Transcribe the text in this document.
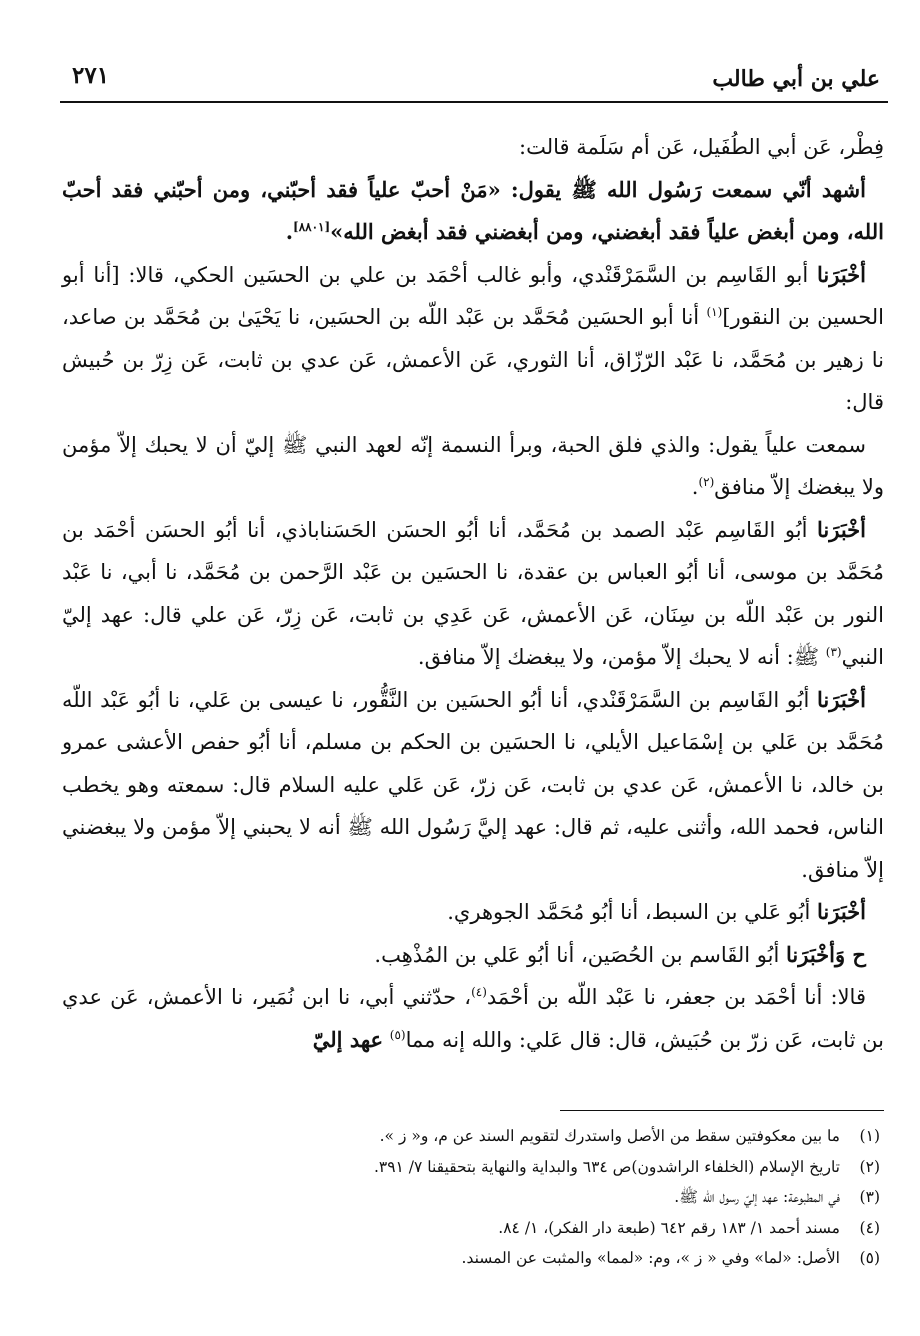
علي بن أبي طالب
٢٧١

فِطْر، عَن أبي الطُفَيل، عَن أم سَلَمة قالت:

أشهد أنّي سمعت رَسُول الله ﷺ يقول: «مَنْ أحبّ علياً فقد أحبّني، ومن أحبّني فقد أحبّ الله، ومن أبغض علياً فقد أبغضني، ومن أبغضني فقد أبغض الله»[٨٨٠١].

أخْبَرَنا أبو القَاسِم بن السَّمَرْقَنْدي، وأبو غالب أحْمَد بن علي بن الحسَين الحكي، قالا: [أنا أبو الحسين بن النقور]$^{(١)}$ أنا أبو الحسَين مُحَمَّد بن عَبْد اللّه بن الحسَين، نا يَحْيَىٰ بن مُحَمَّد بن صاعد، نا زهير بن مُحَمَّد، نا عَبْد الرّزّاق، أنا الثوري، عَن الأعمش، عَن عدي بن ثابت، عَن زِرّ بن حُبيش قال:

سمعت علياً يقول: والذي فلق الحبة، وبرأ النسمة إنّه لعهد النبي ﷺ إليّ أن لا يحبك إلاّ مؤمن ولا يبغضك إلاّ منافق$^{(٢)}$.

أخْبَرَنا أبُو القَاسِم عَبْد الصمد بن مُحَمَّد، أنا أبُو الحسَن الحَسَناباذي، أنا أبُو الحسَن أحْمَد بن مُحَمَّد بن موسى، أنا أبُو العباس بن عقدة، نا الحسَين بن عَبْد الرَّحمن بن مُحَمَّد، نا أبي، نا عَبْد النور بن عَبْد اللّه بن سِنَان، عَن الأعمش، عَن عَدِي بن ثابت، عَن زِرّ، عَن علي قال: عهد إليّ النبي$^{(٣)}$ ﷺ: أنه لا يحبك إلاّ مؤمن، ولا يبغضك إلاّ منافق.

أخْبَرَنا أبُو القَاسِم بن السَّمَرْقَنْدي، أنا أبُو الحسَين بن النَّقُّور، نا عيسى بن عَلي، نا أبُو عَبْد اللّه مُحَمَّد بن عَلي بن إسْمَاعيل الأيلي، نا الحسَين بن الحكم بن مسلم، أنا أبُو حفص الأعشى عمرو بن خالد، نا الأعمش، عَن عدي بن ثابت، عَن زرّ، عَن عَلي عليه السلام قال: سمعته وهو يخطب الناس، فحمد الله، وأثنى عليه، ثم قال: عهد إليَّ رَسُول الله ﷺ أنه لا يحبني إلاّ مؤمن ولا يبغضني إلاّ منافق.

أخْبَرَنا أبُو عَلي بن السبط، أنا أبُو مُحَمَّد الجوهري.

ح وَأخْبَرَنا أبُو القَاسم بن الحُصَين، أنا أبُو عَلي بن المُذْهِب.

قالا: أنا أحْمَد بن جعفر، نا عَبْد اللّه بن أحْمَد$^{(٤)}$، حدّثني أبي، نا ابن نُمَير، نا الأعمش، عَن عدي بن ثابت، عَن زرّ بن حُبَيش، قال: قال عَلي: والله إنه مما$^{(٥)}$ عهد إليّ

(١)
ما بين معكوفتين سقط من الأصل واستدرك لتقويم السند عن م، و« ز ».
(٢)
تاريخ الإسلام (الخلفاء الراشدون)ص ٦٣٤ والبداية والنهاية بتحقيقنا ٧/ ٣٩١.
(٣)
في المطبوعة: عهد إليّ رسول الله ﷺ.
(٤)
مسند أحمد ١/ ١٨٣ رقم ٦٤٢ (طبعة دار الفكر)، ١/ ٨٤.
(٥)
الأصل: «لما» وفي « ز »، وم: «لمما» والمثبت عن المسند.
